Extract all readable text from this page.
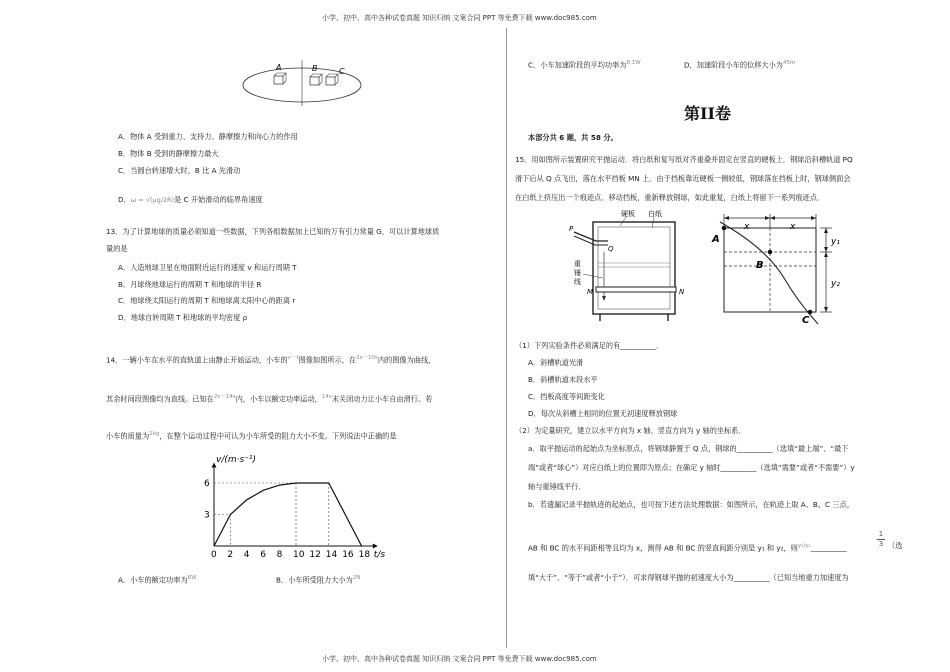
小学、初中、高中各种试卷真题 知识归纳 文案合同 PPT 等免费下载 www.doc985.com
小学、初中、高中各种试卷真题 知识归纳 文案合同 PPT 等免费下载 www.doc985.com
A	B	C
A．物体 A 受到重力、支持力、静摩擦力和向心力的作用
B．物体 B 受到的静摩擦力最大
C．当圆台转速增大时，B 比 A 先滑动
D．ω = √(μg/2R)是 C 开始滑动的临界角速度
13．为了计算地球的质量必须知道一些数据，下列各组数据加上已知的万有引力常量 G，可以计算地球质
量的是
A．人造地球卫星在地面附近运行的速度 v 和运行周期 T
B．月球绕地球运行的周期 T 和地球的半径 R
C．地球绕太阳运行的周期 T 和地球离太阳中心的距离 r
D．地球自转周期 T 和地球的平均密度 ρ
14．一辆小车在水平的直轨道上由静止开始运动，小车的$^{v-t}$图像如图所示，在$^{2s\sim 10s}$内的图像为曲线，
其余时间段图像均为直线。已知在$^{2s\sim 14s}$内，小车以额定功率运动，$^{14s}$末关闭动力让小车自由滑行。若
小车的质量为$^{1kg}$，在整个运动过程中可认为小车所受的阻力大小不变。下列说法中正确的是
0 2 4 6 8 10 12 14 16 18
3
6
v/(m·s⁻¹)
t/s
A．小车的额定功率为$^{6W}$	B．小车所受阻力大小为$^{2N}$
C．小车加速阶段的平均功率为$^{8.1W}$	D．加速阶段小车的位移大小为$^{45m}$
第II卷
本部分共 6 题，共 58 分。
15．用如图所示装置研究平抛运动．将白纸和复写纸对齐重叠并固定在竖直的硬板上．钢球沿斜槽轨道 PQ
滑下后从 Q 点飞出，落在水平挡板 MN 上．由于挡板靠近硬板一侧较低，钢球落在挡板上时，钢球侧面会
在白纸上挤压出一个痕迹点．移动挡板，重新释放钢球，如此重复，白纸上将留下一系列痕迹点．
硬板 白纸
P
Q
重
锤
线
M	N
x	x
y₁
y₂
A
B
C
（1）下列实验条件必须满足的有__________．
A．斜槽轨道光滑
B．斜槽轨道末段水平
C．挡板高度等间距变化
D．每次从斜槽上相同的位置无初速度释放钢球
（2）为定量研究，建立以水平方向为 x 轴、竖直方向为 y 轴的坐标系．
a．取平抛运动的起始点为坐标原点，将钢球静置于 Q 点，钢球的__________（选填“最上端”、“最下
端”或者“球心”）对应白纸上的位置即为原点；在确定 y 轴时__________（选填“需要”或者“不需要”）y
轴与重锤线平行．
b．若遗漏记录平抛轨迹的起始点，也可按下述方法处理数据：如图所示，在轨迹上取 A、B、C 三点，
AB 和 BC 的水平间距相等且均为 x，测得 AB 和 BC 的竖直间距分别是 y₁ 和 y₂，则$^{y_1/y_2}$__________	$\frac{1}{3}$ （选
填“大于”、“等于”或者“小于”）．可求得钢球平抛的初速度大小为__________（已知当地重力加速度为
